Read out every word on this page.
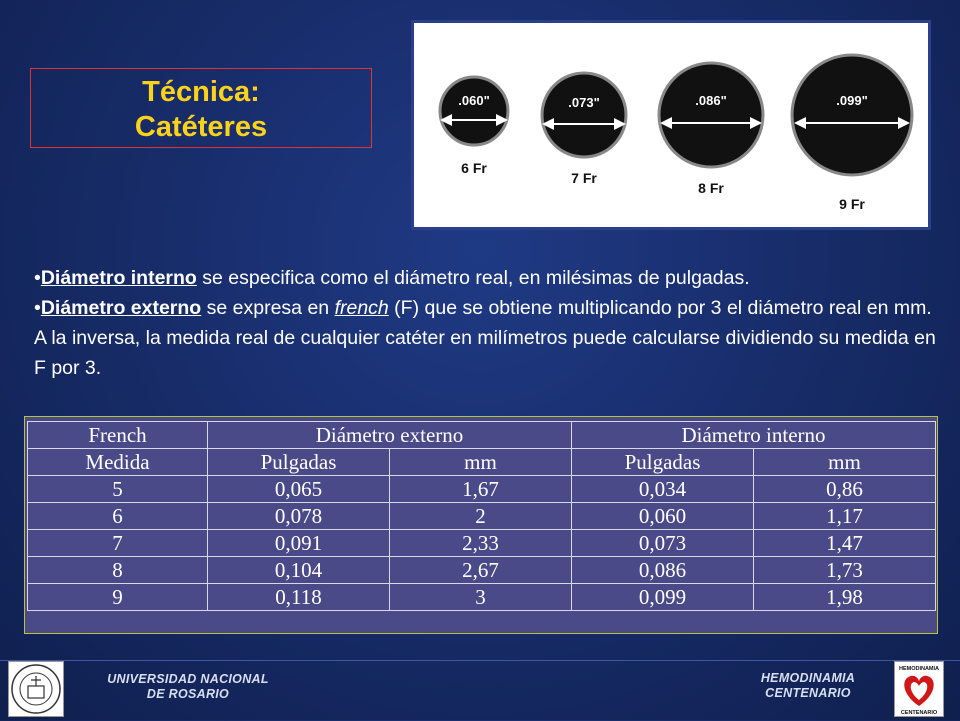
Técnica:
Catéteres
.060"
6 Fr
.073"
7 Fr
.086"
8 Fr
.099"
9 Fr

•Diámetro interno se especifica como el diámetro real, en milésimas de pulgadas.

•Diámetro externo se expresa en french (F) que se obtiene multiplicando por 3 el diámetro real en mm. A la inversa, la medida real de cualquier catéter en milímetros puede calcularse dividiendo su medida en F por 3.

French	Diámetro externo		Diámetro interno	
Medida	Pulgadas	mm	Pulgadas	mm
5	0,065	1,67	0,034	0,86
6	0,078	2	0,060	1,17
7	0,091	2,33	0,073	1,47
8	0,104	2,67	0,086	1,73
9	0,118	3	0,099	1,98
UNIVERSIDAD NACIONAL
DE ROSARIO
HEMODINAMIA
CENTENARIO
HEMODINAMIA
CENTENARIO
